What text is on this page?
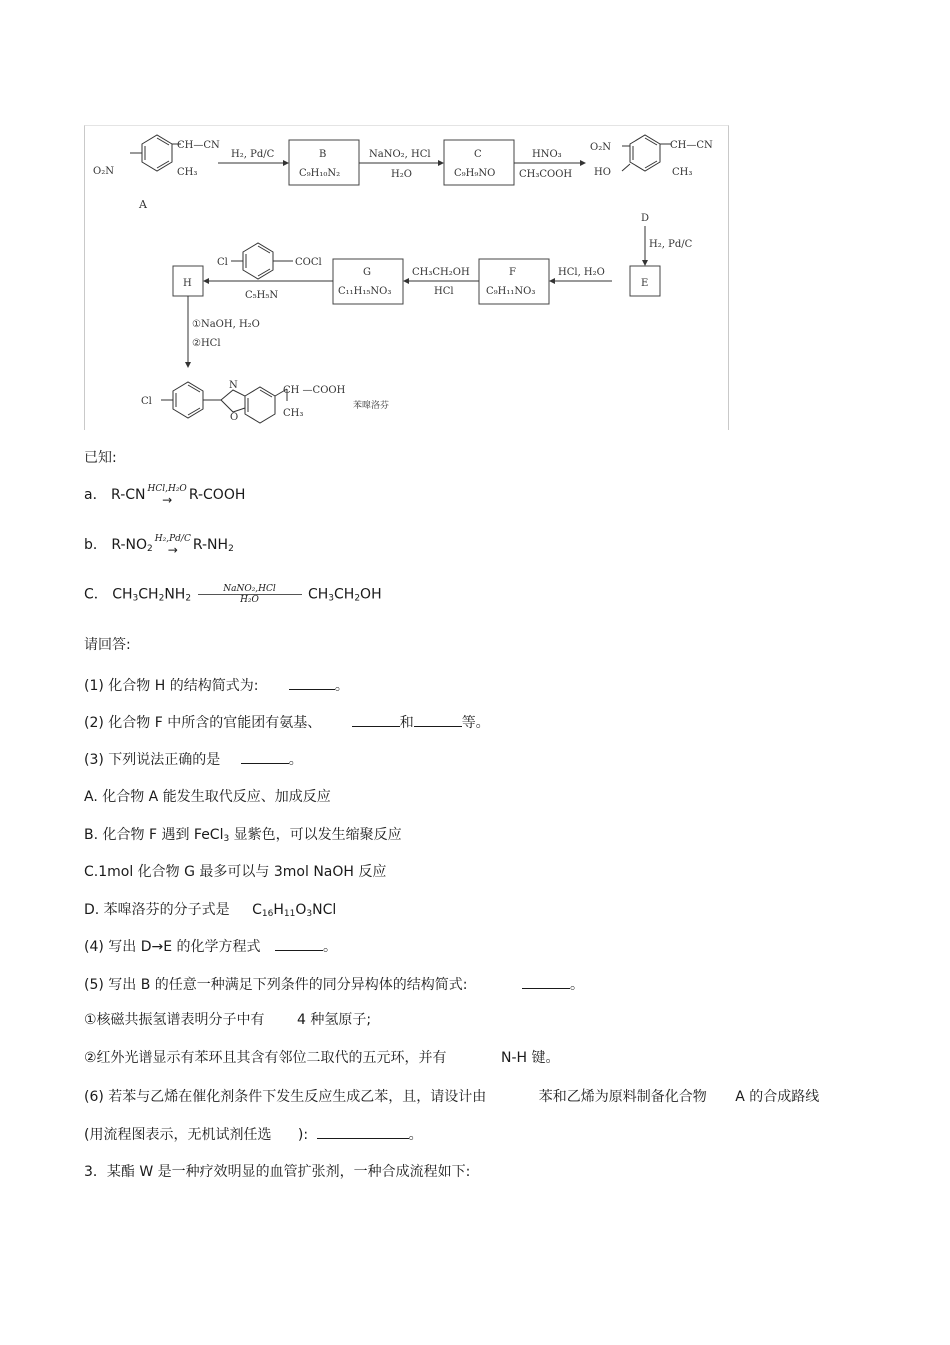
O₂N
CH—CN
CH₃
A
H₂, Pd/C	B
C₉H₁₀N₂
NaNO₂, HCl
H₂O
C
C₉H₉NO
HNO₃
CH₃COOH
O₂N
HO
CH—CN
CH₃
D
H₂, Pd/C
E
HCl, H₂O
F
C₉H₁₁NO₃
CH₃CH₂OH
HCl
G
C₁₁H₁₅NO₃
Cl	COCl
C₅H₅N
H
①NaOH, H₂O
②HCl
Cl
N
O
CH —COOH
CH₃
苯噑洛芬
已知:
a． R-CN HCl,H₂O
→	R-COOH
b． $R-NO_2$
H₂,Pd/C
→	$R-NH_2$
C． $CH_3CH_2NH_2$
NaNO₂,HCl
H₂O	$CH_3CH_2OH$
请回答:
(1) 化合物 H 的结构简式为:	。
(2) 化合物 F 中所含的官能团有氨基、	和	等。
(3) 下列说法正确的是	。
A. 化合物 A 能发生取代反应、加成反应
B. 化合物 F 遇到 FeCl$_3$ 显紫色，可以发生缩聚反应
C.1mol 化合物 G 最多可以与 3mol NaOH 反应
D. 苯噑洛芬的分子式是 $C_{16}H_{11}O_3NCl$
(4) 写出 D→E 的化学方程式	。
(5) 写出 B 的任意一种满足下列条件的同分异构体的结构简式:	。
①核磁共振氢谱表明分子中有 4 种氢原子;
②红外光谱显示有苯环且其含有邻位二取代的五元环，并有	N-H 键。
(6) 若苯与乙烯在催化剂条件下发生反应生成乙苯，且，请设计由	苯和乙烯为原料制备化合物 A 的合成路线
(用流程图表示，无机试剂任选 ):	。
3．某酯 W 是一种疗效明显的血管扩张剂，一种合成流程如下:
